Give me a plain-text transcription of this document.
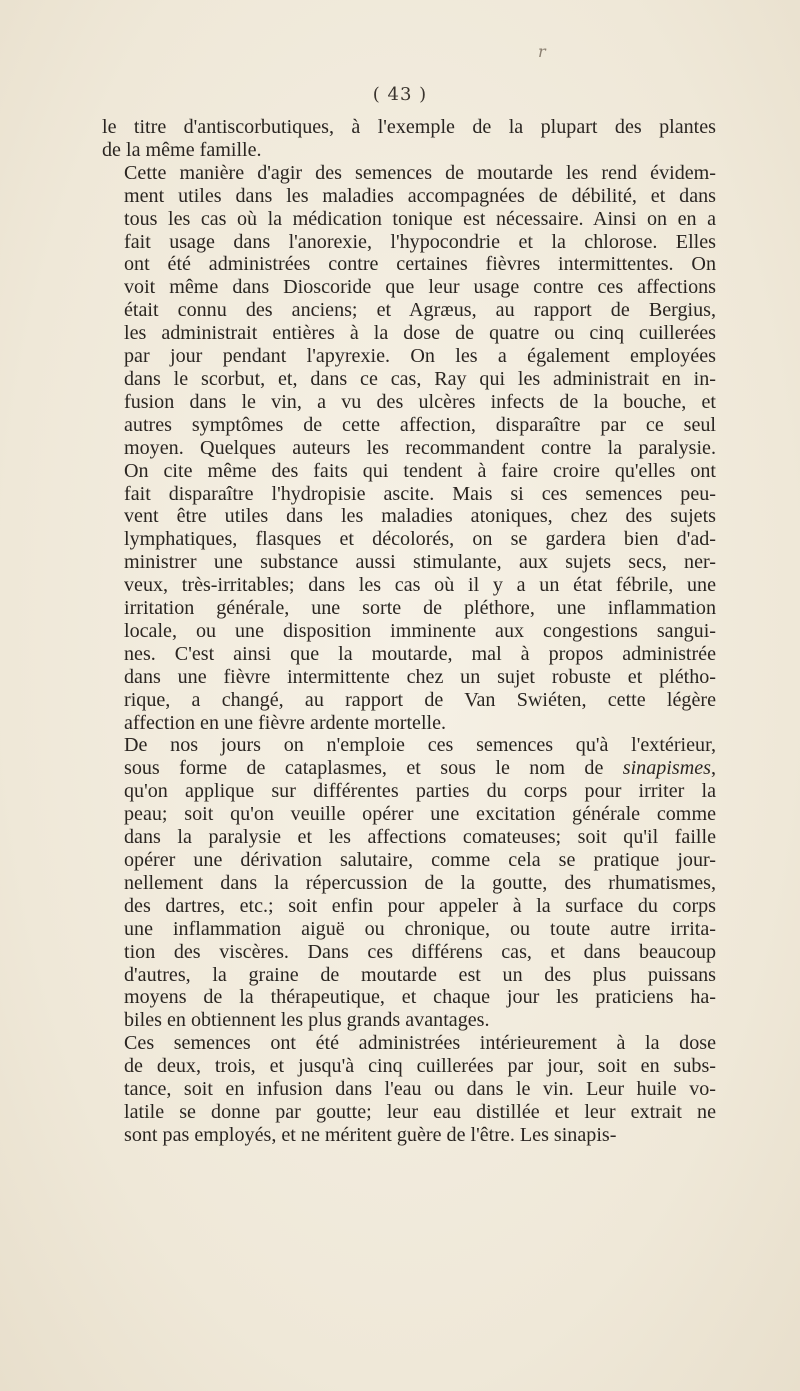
r
( 43 )

le titre d'antiscorbutiques, à l'exemple de la plupart des plantes
de la même famille.

Cette manière d'agir des semences de moutarde les rend évidem-
ment utiles dans les maladies accompagnées de débilité, et dans
tous les cas où la médication tonique est nécessaire. Ainsi on en a
fait usage dans l'anorexie, l'hypocondrie et la chlorose. Elles
ont été administrées contre certaines fièvres intermittentes. On
voit même dans Dioscoride que leur usage contre ces affections
était connu des anciens; et Agræus, au rapport de Bergius,
les administrait entières à la dose de quatre ou cinq cuillerées
par jour pendant l'apyrexie. On les a également employées
dans le scorbut, et, dans ce cas, Ray qui les administrait en in-
fusion dans le vin, a vu des ulcères infects de la bouche, et
autres symptômes de cette affection, disparaître par ce seul
moyen. Quelques auteurs les recommandent contre la paralysie.
On cite même des faits qui tendent à faire croire qu'elles ont
fait disparaître l'hydropisie ascite. Mais si ces semences peu-
vent être utiles dans les maladies atoniques, chez des sujets
lymphatiques, flasques et décolorés, on se gardera bien d'ad-
ministrer une substance aussi stimulante, aux sujets secs, ner-
veux, très-irritables; dans les cas où il y a un état fébrile, une
irritation générale, une sorte de pléthore, une inflammation
locale, ou une disposition imminente aux congestions sangui-
nes. C'est ainsi que la moutarde, mal à propos administrée
dans une fièvre intermittente chez un sujet robuste et plétho-
rique, a changé, au rapport de Van Swiéten, cette légère
affection en une fièvre ardente mortelle.

De nos jours on n'emploie ces semences qu'à l'extérieur,
sous forme de cataplasmes, et sous le nom de sinapismes,
qu'on applique sur différentes parties du corps pour irriter la
peau; soit qu'on veuille opérer une excitation générale comme
dans la paralysie et les affections comateuses; soit qu'il faille
opérer une dérivation salutaire, comme cela se pratique jour-
nellement dans la répercussion de la goutte, des rhumatismes,
des dartres, etc.; soit enfin pour appeler à la surface du corps
une inflammation aiguë ou chronique, ou toute autre irrita-
tion des viscères. Dans ces différens cas, et dans beaucoup
d'autres, la graine de moutarde est un des plus puissans
moyens de la thérapeutique, et chaque jour les praticiens ha-
biles en obtiennent les plus grands avantages.

Ces semences ont été administrées intérieurement à la dose
de deux, trois, et jusqu'à cinq cuillerées par jour, soit en subs-
tance, soit en infusion dans l'eau ou dans le vin. Leur huile vo-
latile se donne par goutte; leur eau distillée et leur extrait ne
sont pas employés, et ne méritent guère de l'être. Les sinapis-
